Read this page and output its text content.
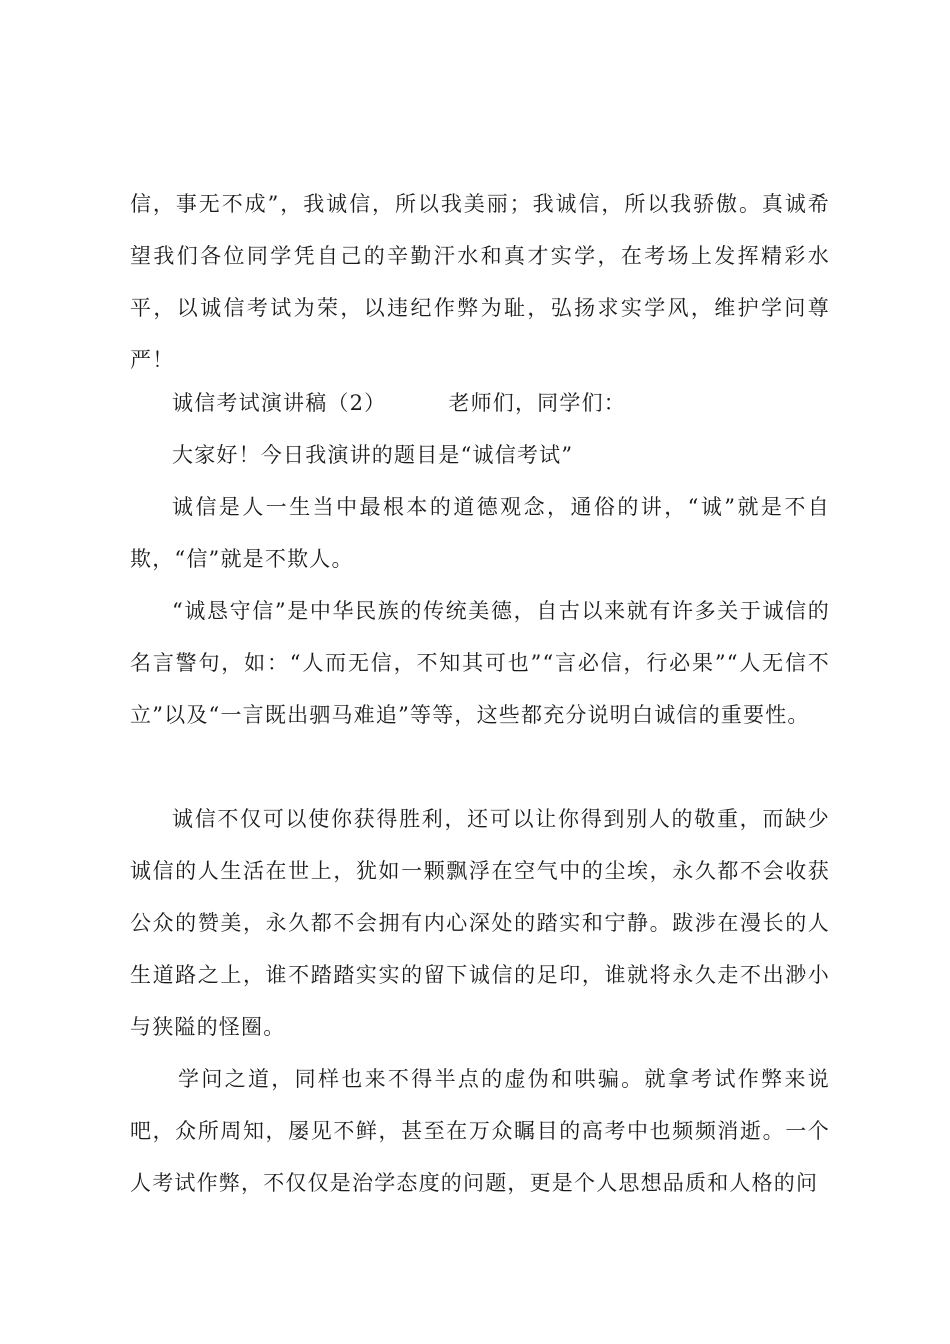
信，事无不成”，我诚信，所以我美丽；我诚信，所以我骄傲。真诚希望我们各位同学凭自己的辛勤汗水和真才实学，在考场上发挥精彩水平，以诚信考试为荣，以违纪作弊为耻，弘扬求实学风，维护学问尊严！

诚信考试演讲稿（2）	老师们，同学们：

大家好！今日我演讲的题目是“诚信考试”

诚信是人一生当中最根本的道德观念，通俗的讲，“诚”就是不自欺，“信”就是不欺人。

“诚恳守信”是中华民族的传统美德，自古以来就有许多关于诚信的名言警句，如：“人而无信，不知其可也”“言必信，行必果”“人无信不立”以及“一言既出驷马难追”等等，这些都充分说明白诚信的重要性。

诚信不仅可以使你获得胜利，还可以让你得到别人的敬重，而缺少诚信的人生活在世上，犹如一颗飘浮在空气中的尘埃，永久都不会收获公众的赞美，永久都不会拥有内心深处的踏实和宁静。跋涉在漫长的人生道路之上，谁不踏踏实实的留下诚信的足印，谁就将永久走不出渺小与狭隘的怪圈。

学问之道，同样也来不得半点的虚伪和哄骗。就拿考试作弊来说吧，众所周知，屡见不鲜，甚至在万众瞩目的高考中也频频消逝。一个人考试作弊，不仅仅是治学态度的问题，更是个人思想品质和人格的问
